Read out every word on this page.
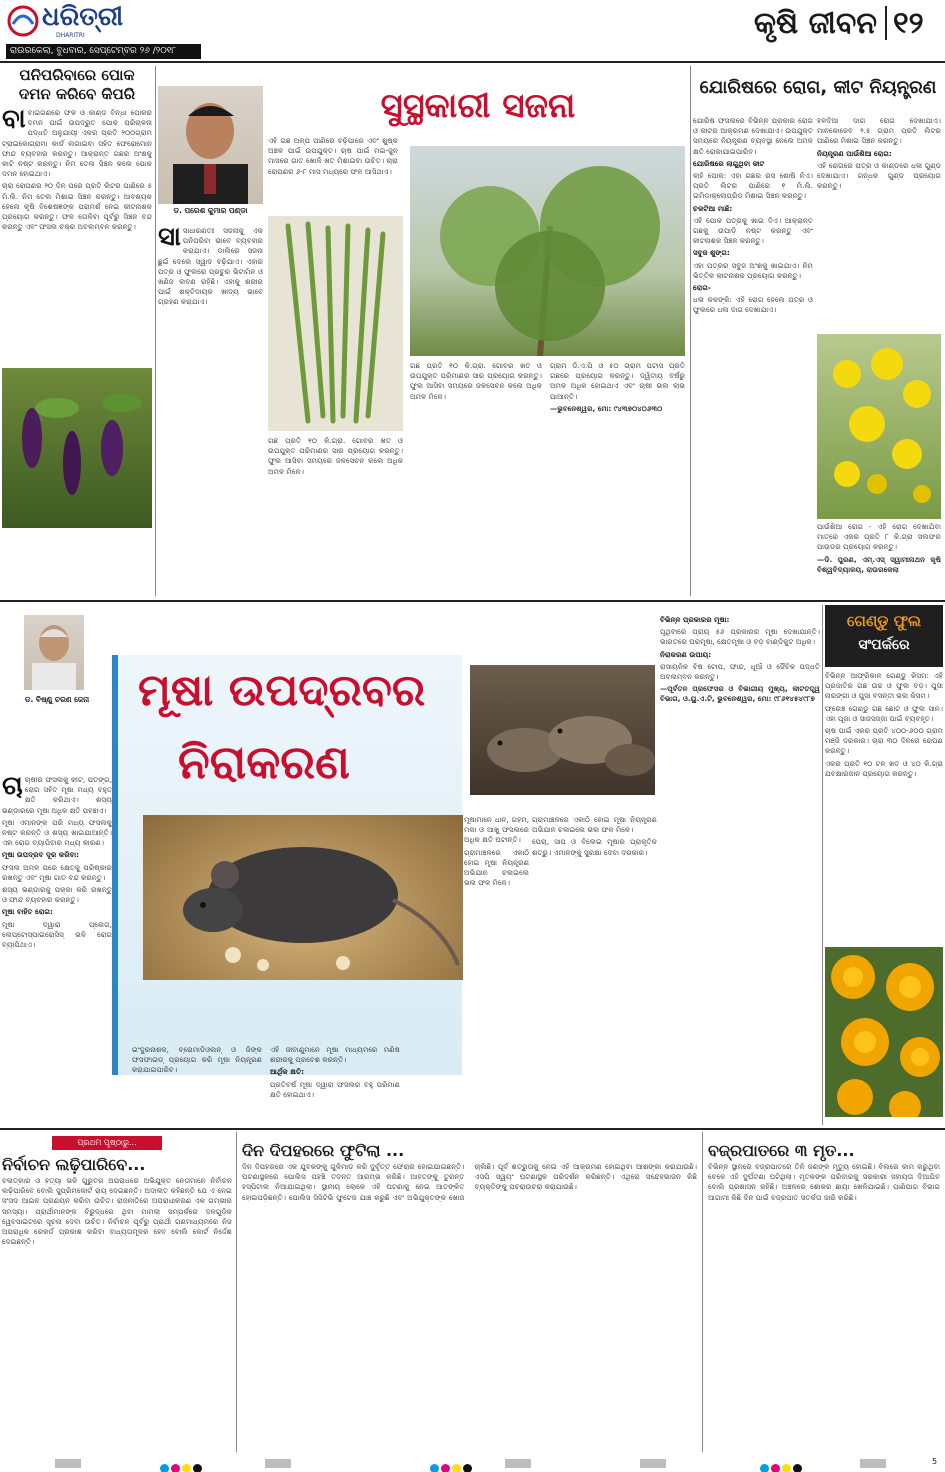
ଧରିତ୍ରୀ
DHARITRI
ରାଉରକେଲା, ବୁଧବାର, ସେପ୍ଟେମ୍ବର ୨୬ /୨୦୧୮
କୃଷି ଜୀବନ ୧୨
ପନିପରିବାରେ ପୋକ ଦମନ କରିବେ କିପରି

ବାବାଇଗଣରେ ଫଳ ଓ କାଣ୍ଡ ବିନ୍ଧା ପୋକର ଦମନ ପାଇଁ ଉପଦ୍ରୁତ ପୋକ ପରିଚାଳନା ପଦ୍ଧତି ଅନୁଯାୟୀ ଏକର ପ୍ରତି ୨୦୦ଗ୍ରାମ ଟ୍ରାଇକୋଗ୍ରାମା କାର୍ଡ ଲଗାଇବା ସହିତ ଫେରୋମୋନ ଫାନ୍ଦ ବ୍ୟବହାର କରନ୍ତୁ। ଆକ୍ରାନ୍ତ ଗଛର ଅଂଶକୁ କାଟି ନଷ୍ଟ କରନ୍ତୁ। ନିମ ତେଲ ସିଞ୍ଚନ କଲେ ପୋକ ଦମନ ହୋଇଥାଏ।

ଚାରା ରୋପଣର ୨୦ ଦିନ ପରେ ପ୍ରତି ଲିଟର ପାଣିରେ ୫ ମି.ଲି. ନିମ ତେଲ ମିଶାଇ ସିଞ୍ଚନ କରନ୍ତୁ। ଆବଶ୍ୟକ ହେଲେ କୃଷି ବିଶେଷଜ୍ଞଙ୍କ ପରାମର୍ଶ ନେଇ କୀଟନାଶକ ପ୍ରୟୋଗ କରନ୍ତୁ। ଫଳ ତୋଳିବା ପୂର୍ବରୁ ସିଞ୍ଚନ ବନ୍ଦ କରନ୍ତୁ ଏବଂ ଫସଲ ଚକ୍ର ଅବଲମ୍ବନ କରନ୍ତୁ।

ଡ. ପରେଶ କୁମାର ପଣ୍ଡା
ସୁସ୍ଥକାରୀ ସଜନା

ଏହି ଗଛ ଅଳ୍ପ ପାଣିରେ ବଢ଼ିପାରେ ଏବଂ ଶୁଷ୍କ ଅଞ୍ଚଳ ପାଇଁ ଉପଯୁକ୍ତ। ଚାଷ ପାଇଁ ମଇ-ଜୁନ ମାସରେ ଗାତ ଖୋଳି ଖତ ମିଶାଇବା ଉଚିତ। ଚାରା ରୋପଣର ୬-୮ ମାସ ମଧ୍ୟରେ ଫଳ ଆସିଥାଏ।

ସାସାଧାରଣତଃ ସଜନାକୁ ଏକ ପନିପରିବା ଭାବେ ବ୍ୟବହାର କରାଯାଏ। ଡାଲିରେ ସଜନା ଛୁଇଁ ଦେଲେ ସ୍ୱାଦ ବଢ଼ିଯାଏ। ଏହାର ପତ୍ର ଓ ଫୁଲରେ ପ୍ରଚୁର ଭିଟାମିନ ଓ ଖଣିଜ ଲବଣ ରହିଛି। ଏହାକୁ ଶରୀର ପାଇଁ ଶକ୍ତିଦାୟକ ଖାଦ୍ୟ ଭାବେ ଗ୍ରହଣ କରାଯାଏ।

ଗଛ ପ୍ରତି ୧୦ କି.ଗ୍ରା. ଗୋବର ଖତ ଓ ଉପଯୁକ୍ତ ପରିମାଣର ସାର ପ୍ରୟୋଗ କରନ୍ତୁ। ଫୁଲ ଆସିବା ସମୟରେ ଜଳସେଚନ କଲେ ଅଧିକ ଅମଳ ମିଳେ।

ଗଛ ପ୍ରତି ୧୦ କି.ଗ୍ରା. ଗୋବର ଖତ ଓ ଉପଯୁକ୍ତ ପରିମାଣର ସାର ପ୍ରୟୋଗ କରନ୍ତୁ। ଫୁଲ ଆସିବା ସମୟରେ ଜଳସେଚନ କଲେ ଅଧିକ ଅମଳ ମିଳେ।

ଗ୍ରାମ ଡି.ଏ.ପି ଓ ୫୦ ଗ୍ରାମ ପଟାସ ପ୍ରତି ଗଛରେ ପ୍ରୟୋଗ କରନ୍ତୁ। ଦ୍ୱିତୀୟ ବର୍ଷରୁ ଅମଳ ଅଧିକ ହୋଇଥାଏ ଏବଂ ଚାଷୀ ଭଲ ଲାଭ ପାଆନ୍ତି।

—ଭୁବନେଶ୍ୱର, ମୋ: ୯୪୩୭୦୪୦୬୩୦

ଯୋରିଷରେ ରୋଗ, କୀଟ ନିୟନ୍ତ୍ରଣ

ଯୋରିଷ ଫସଲରେ ବିଭିନ୍ନ ପ୍ରକାର ରୋଗ ଓ କୀଟର ଆକ୍ରମଣ ଦେଖାଯାଏ। ଉପଯୁକ୍ତ ସମୟରେ ନିୟନ୍ତ୍ରଣ ବ୍ୟବସ୍ଥା ନେଲେ ଅମଳ କ୍ଷତି ରୋକାଯାଇପାରିବ।

ଯୋରିଷରେ ଲାଗୁଥିବା କୀଟ

ଲାହି ପୋକ: ଏହା ଗଛର ରସ ଶୋଷି ନିଏ। ପ୍ରତି ଲିଟର ପାଣିରେ ୧ ମି.ଲି. ଇମିଡାକ୍ଲୋପ୍ରିଡ ମିଶାଇ ସିଞ୍ଚନ କରନ୍ତୁ।

ଚକଟିଆ ମାଛି:

ଏହି ପୋକ ପତ୍ରକୁ ଖାଇ ଦିଏ। ଆକ୍ରାନ୍ତ ଗଛକୁ ଉପାଡ଼ି ନଷ୍ଟ କରନ୍ତୁ ଏବଂ କୀଟନାଶକ ସିଞ୍ଚନ କରନ୍ତୁ।

ସବୁଜ ଶୁଙ୍ଗ:

ଏହା ପତ୍ରର ସବୁଜ ଅଂଶକୁ ଖାଇଯାଏ। ନିମ ଭିତ୍ତିକ କୀଟନାଶକ ପ୍ରୟୋଗ କରନ୍ତୁ।

ରୋଗ-

ଧଳା କଳଙ୍କି: ଏହି ରୋଗ ହେଲେ ପତ୍ର ଓ ଫୁଲରେ ଧଳା ଦାଗ ଦେଖାଯାଏ।

ହଳଦିଆ ଦାଗ ରୋଗ ଦେଖାଯାଏ। ମାନକୋଜେବ ୨.୫ ଗ୍ରାମ ପ୍ରତି ଲିଟର ପାଣିରେ ମିଶାଇ ସିଞ୍ଚନ କରନ୍ତୁ।

ନିୟନ୍ତ୍ରଣ ପାଉଁଶିଆ ରୋଗ:

ଏହି ରୋଗରେ ପତ୍ର ଓ କାଣ୍ଡରେ ଧଳା ଗୁଣ୍ଡ ଦେଖାଯାଏ। ଗନ୍ଧକ ଗୁଣ୍ଡ ପ୍ରୟୋଗ କରନ୍ତୁ।

ପାଉଁଶିଆ ରୋଗ - ଏହି ରୋଗ ଦେଖାଯିବା ମାତ୍ରେ ଏକର ପ୍ରତି ୮ କି.ଗ୍ରା ସଲଫର ପାଉଡର ପ୍ରୟୋଗ କରନ୍ତୁ।

—ଡି. ପୁରଣ, ଏମ୍.ଏସ୍ ସ୍ୱାମୀନାଥନ କୃଷି ବିଶ୍ୱବିଦ୍ୟାଳୟ, ରାଉରକେଲା

ଡ. ବିଷ୍ଣୁ ଚରଣ ଜେନା	ମୂଷା ଉପଦ୍ରବର
ନିରାକରଣ

ଚାଚାଷୀର ଫସଲକୁ କୀଟ, ପତଙ୍ଗ, ରୋଗ ସହିତ ମୂଷା ମଧ୍ୟ ବହୁତ କ୍ଷତି କରିଥାଏ। ଶସ୍ୟ ଭଣ୍ଡାରରେ ମୂଷା ଅଧିକ କ୍ଷତି ପହଞ୍ଚାଏ।

ମୂଷା ଏମାନଙ୍କ ପରି ମଧ୍ୟ ଫସଲକୁ ନଷ୍ଟ କରନ୍ତି ଓ ଶସ୍ୟ ଖାଇଯାଆନ୍ତି। ଏହା ରୋଗ ବ୍ୟାପିବାର ମଧ୍ୟ କାରଣ।

ମୂଷା ଉପଦ୍ରବ ଦୂର କରିବା:

ଫସଲ ଅମଳ ପରେ କ୍ଷେତକୁ ପରିଷ୍କାର ରଖନ୍ତୁ ଏବଂ ମୂଷା ଗାତ ବନ୍ଦ କରନ୍ତୁ।

ଶସ୍ୟ ଭଣ୍ଡାରକୁ ପକ୍କା କରି ରଖନ୍ତୁ ଓ ଫାନ୍ଦ ବ୍ୟବହାର କରନ୍ତୁ।

ମୂଷା ବାହିତ ରୋଗ:

ମୂଷା ଦ୍ୱାରା ପ୍ଲେଗ, ଲେପ୍ଟୋସ୍ପାଇରୋସିସ୍ ଭଳି ରୋଗ ବ୍ୟାପିଥାଏ।

ଇଂଦୁରନାଶକ, ବ୍ରୋମାଡିଓଲନ୍ ଓ ଜିଙ୍କ ଫସଫାଇଡ୍ ପ୍ରୟୋଗ କରି ମୂଷା ନିୟନ୍ତ୍ରଣ କରାଯାଇପାରିବ।

ଏହି ଜୀବାଣୁମାନେ ମୂଷା ମାଧ୍ୟମରେ ମଣିଷ ଶରୀରକୁ ପ୍ରବେଶ କରନ୍ତି।

ଆର୍ଥିକ କ୍ଷତି:

ପ୍ରତିବର୍ଷ ମୂଷା ଦ୍ୱାରା ଫସଲର ବହୁ ପରିମାଣ କ୍ଷତି ହୋଇଥାଏ।

ମୂଷାମାନେ ଧାନ, ଗହମ, ମକା ଓ ଆଖୁ ଫସଲରେ ଅଧିକ କ୍ଷତି ଘଟାନ୍ତି।

ଗ୍ରାମାଞ୍ଚଳରେ ଏକାଠି ହୋଇ ମୂଷା ନିୟନ୍ତ୍ରଣ ଅଭିଯାନ ଚଳାଇଲେ ଭଲ ଫଳ ମିଳେ।

ଗ୍ରାମାଞ୍ଚଳରେ ଏକାଠି ହୋଇ ମୂଷା ନିୟନ୍ତ୍ରଣ ଅଭିଯାନ ଚଳାଇଲେ ଭଲ ଫଳ ମିଳେ।

ପେଚା, ସାପ ଓ ବିଲେଇ ମୂଷାର ପ୍ରାକୃତିକ ଶତ୍ରୁ। ଏମାନଙ୍କୁ ସୁରକ୍ଷା ଦେବା ଦରକାର।

ବିଭିନ୍ନ ପ୍ରକାରର ମୂଷା:

ପୃଥିବୀରେ ପ୍ରାୟ ୫୬ ପ୍ରକାରର ମୂଷା ଦେଖାଯାନ୍ତି। ଭାରତରେ ଘରମୂଷା, କ୍ଷେତମୂଷା ଓ ବଡ଼ ବାଣ୍ଡିକୁଟ ଅଧିକ।

ନିରାକରଣ ଉପାୟ:

ରାସାୟନିକ ବିଷ ଟୋପ, ଫାନ୍ଦ, ଧୂଆଁ ଓ ଜୈବିକ ପଦ୍ଧତି ଅବଲମ୍ବନ କରନ୍ତୁ।

—ପୂର୍ବତନ ପ୍ରଫେସର ଓ ବିଭାଗୀୟ ମୁଖ୍ୟ, କୀଟତତ୍ତ୍ୱ ବିଭାଗ, ଓ.ୟୁ.ଏ.ଟି, ଭୁବନେଶ୍ୱର, ମୋ: ୯୮୬୧୪୫୪୯୮୭

ଗେଣ୍ଡୁ ଫୁଲ
ସଂପର୍କରେ

ବିଭିନ୍ନ ଆଫ୍ରିକାନ ଗେଣ୍ଡୁ କିସମ: ଏହି ପ୍ରଜାତିର ଗଛ ଉଚ୍ଚ ଓ ଫୁଲ ବଡ଼। ପୁସା ନାରଙ୍ଗୀ ଓ ପୁସା ବସନ୍ତୀ ଭଲ କିସମ।

ଫ୍ରେଞ୍ଚ ଗେଣ୍ଡୁ ଗଛ ଛୋଟ ଓ ଫୁଲ ସାନ। ଏହା ପୂଜା ଓ ସାଜସଜ୍ଜା ପାଇଁ ବ୍ୟବହୃତ।

ଚାଷ ପାଇଁ ଏକର ପ୍ରତି ୪୦୦-୬୦୦ ଗ୍ରାମ ମଞ୍ଜି ଦରକାର। ଚାରା ୩୦ ଦିନରେ ରୋପଣ କରନ୍ତୁ।

ଏକର ପ୍ରତି ୧୦ ଟନ ଖତ ଓ ୪୦ କି.ଗ୍ରା ଯବକ୍ଷାରଜାନ ପ୍ରୟୋଗ କରନ୍ତୁ।

ପ୍ରଥମ ପୃଷ୍ଠାରୁ...
ନିର୍ବାଚନ ଲଢ଼ିପାରିବେ...
ବଳାତ୍କାର ଓ ହତ୍ୟା ଭଳି ଗୁରୁତର ଅପରାଧରେ ଅଭିଯୁକ୍ତ ନେତାମାନେ ନିର୍ବାଚନ ଲଢ଼ିପାରିବେ ବୋଲି ସୁପ୍ରିମକୋର୍ଟ ରାୟ ଦେଇଛନ୍ତି। ଅଦାଲତ କହିଛନ୍ତି ଯେ ଏ ନେଇ ସଂସଦ ଆଇନ ପ୍ରଣୟନ କରିବା ଉଚିତ। ରାଜନୀତିରେ ଅପରାଧୀକରଣ ଏକ ଗମ୍ଭୀର ସମସ୍ୟା। ପ୍ରାର୍ଥୀମାନଙ୍କ ବିରୁଦ୍ଧରେ ଥିବା ମାମଲା ସମ୍ପର୍କରେ ଦଳଗୁଡ଼ିକ ୱେବସାଇଟରେ ସୂଚନା ଦେବା ଉଚିତ। ନିର୍ବାଚନ ପୂର୍ବରୁ ପ୍ରାର୍ଥୀ ଗଣମାଧ୍ୟମରେ ନିଜ ଅପରାଧିକ ରେକର୍ଡ ପ୍ରକାଶ କରିବା ବାଧ୍ୟତାମୂଳକ ହେବ ବୋଲି କୋର୍ଟ ନିର୍ଦ୍ଦେଶ ଦେଇଛନ୍ତି।
ଦିନ ଦିପହରରେ ଫୁଟିଲା ...
ଦିନ ଦିପହରରେ ଏକ ଯୁବକଙ୍କୁ ଗୁଳିମାଡ଼ କରି ଦୁର୍ବୃତ୍ତ ଫେରାର ହୋଇଯାଇଛନ୍ତି। ଘଟଣାସ୍ଥଳରେ ପୋଲିସ ପହଞ୍ଚି ତଦନ୍ତ ଆରମ୍ଭ କରିଛି। ଆହତଙ୍କୁ ତୁରନ୍ତ ହସ୍ପିଟାଲ ନିଆଯାଇଥିଲା। ସ୍ଥାନୀୟ ଲୋକେ ଏହି ଘଟଣାକୁ ନେଇ ଆତଙ୍କିତ ହୋଇପଡ଼ିଛନ୍ତି। ପୋଲିସ ସିସିଟିଭି ଫୁଟେଜ ଯାଞ୍ଚ କରୁଛି ଏବଂ ଅଭିଯୁକ୍ତଙ୍କ ଖୋଜ ଚାଲିଛି। ପୂର୍ବ ଶତ୍ରୁତାକୁ ନେଇ ଏହି ଆକ୍ରମଣ ହୋଇଥିବା ଆଶଙ୍କା କରାଯାଉଛି। ଏସପି ସ୍ୱୟଂ ଘଟଣାସ୍ଥଳ ପରିଦର୍ଶନ କରିଛନ୍ତି। ଏଥିରେ ସନ୍ଦେହଭାଜନ କିଛି ବ୍ୟକ୍ତିଙ୍କୁ ପଚରାଉଚରା କରାଯାଉଛି।
ବଜ୍ରପାତରେ ୩ ମୃତ...
ବିଭିନ୍ନ ସ୍ଥାନରେ ବଜ୍ରପାତରେ ତିନି ଜଣଙ୍କ ମୃତ୍ୟୁ ହୋଇଛି। ବିଲରେ କାମ କରୁଥିବା ବେଳେ ଏହି ଦୁର୍ଘଟଣା ଘଟିଥିଲା। ମୃତକଙ୍କ ପରିବାରକୁ ସରକାରୀ ସହାୟତା ଦିଆଯିବ ବୋଲି ପ୍ରଶାସନ କହିଛି। ଅଞ୍ଚଳରେ ଶୋକର ଛାୟା ଖେଳିଯାଇଛି। ପାଣିପାଗ ବିଭାଗ ଆଗାମୀ କିଛି ଦିନ ପାଇଁ ବଜ୍ରପାତ ସତର୍କତା ଜାରି କରିଛି।
5
